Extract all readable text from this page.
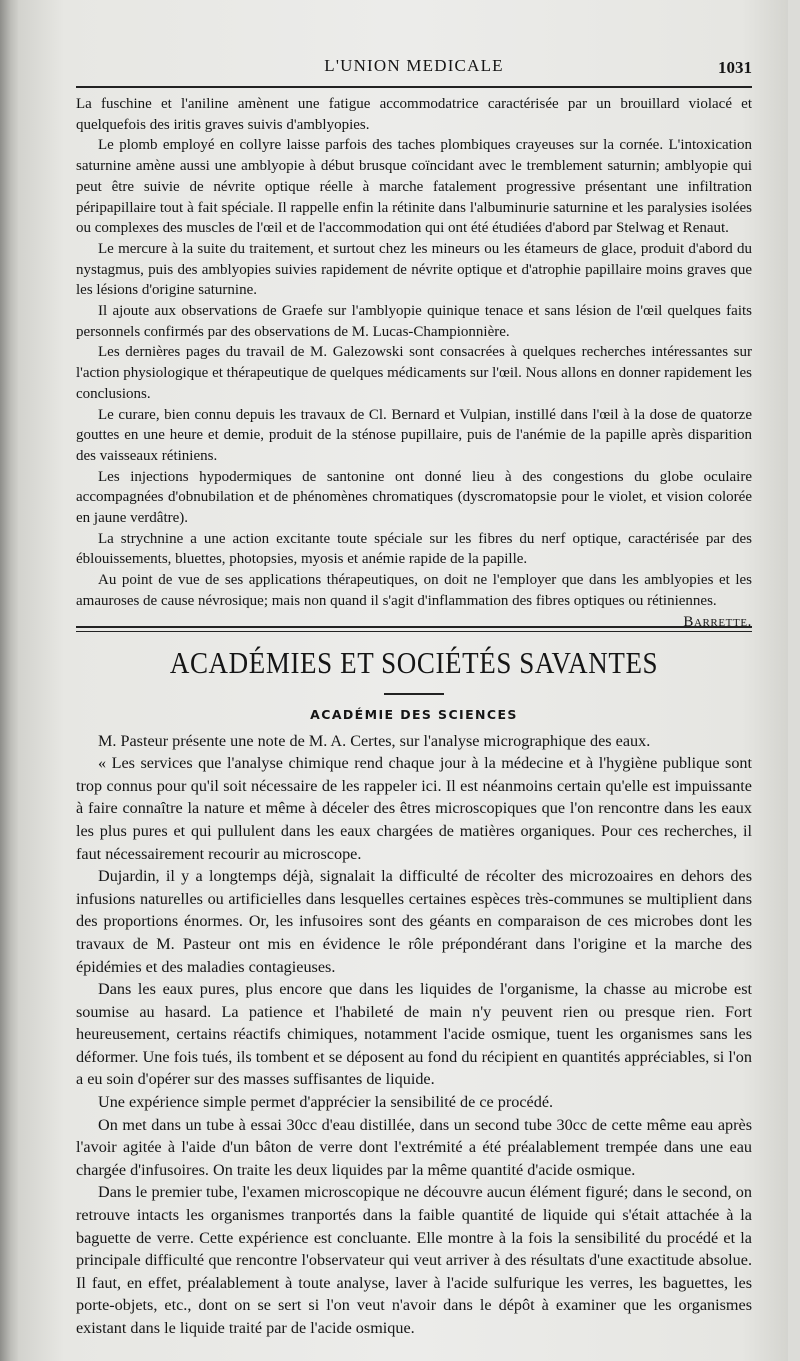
L'UNION MEDICALE	1031

La fuschine et l'aniline amènent une fatigue accommodatrice caractérisée par un brouillard violacé et quelquefois des iritis graves suivis d'amblyopies.

Le plomb employé en collyre laisse parfois des taches plombiques crayeuses sur la cornée. L'intoxication saturnine amène aussi une amblyopie à début brusque coïncidant avec le tremblement saturnin; amblyopie qui peut être suivie de névrite optique réelle à marche fatalement progressive présentant une infiltration péripapillaire tout à fait spéciale. Il rappelle enfin la rétinite dans l'albuminurie saturnine et les paralysies isolées ou complexes des muscles de l'œil et de l'accommodation qui ont été étudiées d'abord par Stelwag et Renaut.

Le mercure à la suite du traitement, et surtout chez les mineurs ou les étameurs de glace, produit d'abord du nystagmus, puis des amblyopies suivies rapidement de névrite optique et d'atrophie papillaire moins graves que les lésions d'origine saturnine.

Il ajoute aux observations de Graefe sur l'amblyopie quinique tenace et sans lésion de l'œil quelques faits personnels confirmés par des observations de M. Lucas-Championnière.

Les dernières pages du travail de M. Galezowski sont consacrées à quelques recherches intéressantes sur l'action physiologique et thérapeutique de quelques médicaments sur l'œil. Nous allons en donner rapidement les conclusions.

Le curare, bien connu depuis les travaux de Cl. Bernard et Vulpian, instillé dans l'œil à la dose de quatorze gouttes en une heure et demie, produit de la sténose pupillaire, puis de l'anémie de la papille après disparition des vaisseaux rétiniens.

Les injections hypodermiques de santonine ont donné lieu à des congestions du globe oculaire accompagnées d'obnubilation et de phénomènes chromatiques (dyscromatopsie pour le violet, et vision colorée en jaune verdâtre).

La strychnine a une action excitante toute spéciale sur les fibres du nerf optique, caractérisée par des éblouissements, bluettes, photopsies, myosis et anémie rapide de la papille.

Au point de vue de ses applications thérapeutiques, on doit ne l'employer que dans les amblyopies et les amauroses de cause névrosique; mais non quand il s'agit d'inflammation des fibres optiques ou rétiniennes.
Barrette.

ACADÉMIES ET SOCIÉTÉS SAVANTES
ACADÉMIE DES SCIENCES

M. Pasteur présente une note de M. A. Certes, sur l'analyse micrographique des eaux.

« Les services que l'analyse chimique rend chaque jour à la médecine et à l'hygiène publique sont trop connus pour qu'il soit nécessaire de les rappeler ici. Il est néanmoins certain qu'elle est impuissante à faire connaître la nature et même à déceler des êtres microscopiques que l'on rencontre dans les eaux les plus pures et qui pullulent dans les eaux chargées de matières organiques. Pour ces recherches, il faut nécessairement recourir au microscope.

Dujardin, il y a longtemps déjà, signalait la difficulté de récolter des microzoaires en dehors des infusions naturelles ou artificielles dans lesquelles certaines espèces très-communes se multiplient dans des proportions énormes. Or, les infusoires sont des géants en comparaison de ces microbes dont les travaux de M. Pasteur ont mis en évidence le rôle prépondérant dans l'origine et la marche des épidémies et des maladies contagieuses.

Dans les eaux pures, plus encore que dans les liquides de l'organisme, la chasse au microbe est soumise au hasard. La patience et l'habileté de main n'y peuvent rien ou presque rien. Fort heureusement, certains réactifs chimiques, notamment l'acide osmique, tuent les organismes sans les déformer. Une fois tués, ils tombent et se déposent au fond du récipient en quantités appréciables, si l'on a eu soin d'opérer sur des masses suffisantes de liquide.

Une expérience simple permet d'apprécier la sensibilité de ce procédé.

On met dans un tube à essai 30cc d'eau distillée, dans un second tube 30cc de cette même eau après l'avoir agitée à l'aide d'un bâton de verre dont l'extrémité a été préalablement trempée dans une eau chargée d'infusoires. On traite les deux liquides par la même quantité d'acide osmique.

Dans le premier tube, l'examen microscopique ne découvre aucun élément figuré; dans le second, on retrouve intacts les organismes tranportés dans la faible quantité de liquide qui s'était attachée à la baguette de verre. Cette expérience est concluante. Elle montre à la fois la sensibilité du procédé et la principale difficulté que rencontre l'observateur qui veut arriver à des résultats d'une exactitude absolue. Il faut, en effet, préalablement à toute analyse, laver à l'acide sulfurique les verres, les baguettes, les porte-objets, etc., dont on se sert si l'on veut n'avoir dans le dépôt à examiner que les organismes existant dans le liquide traité par de l'acide osmique.
